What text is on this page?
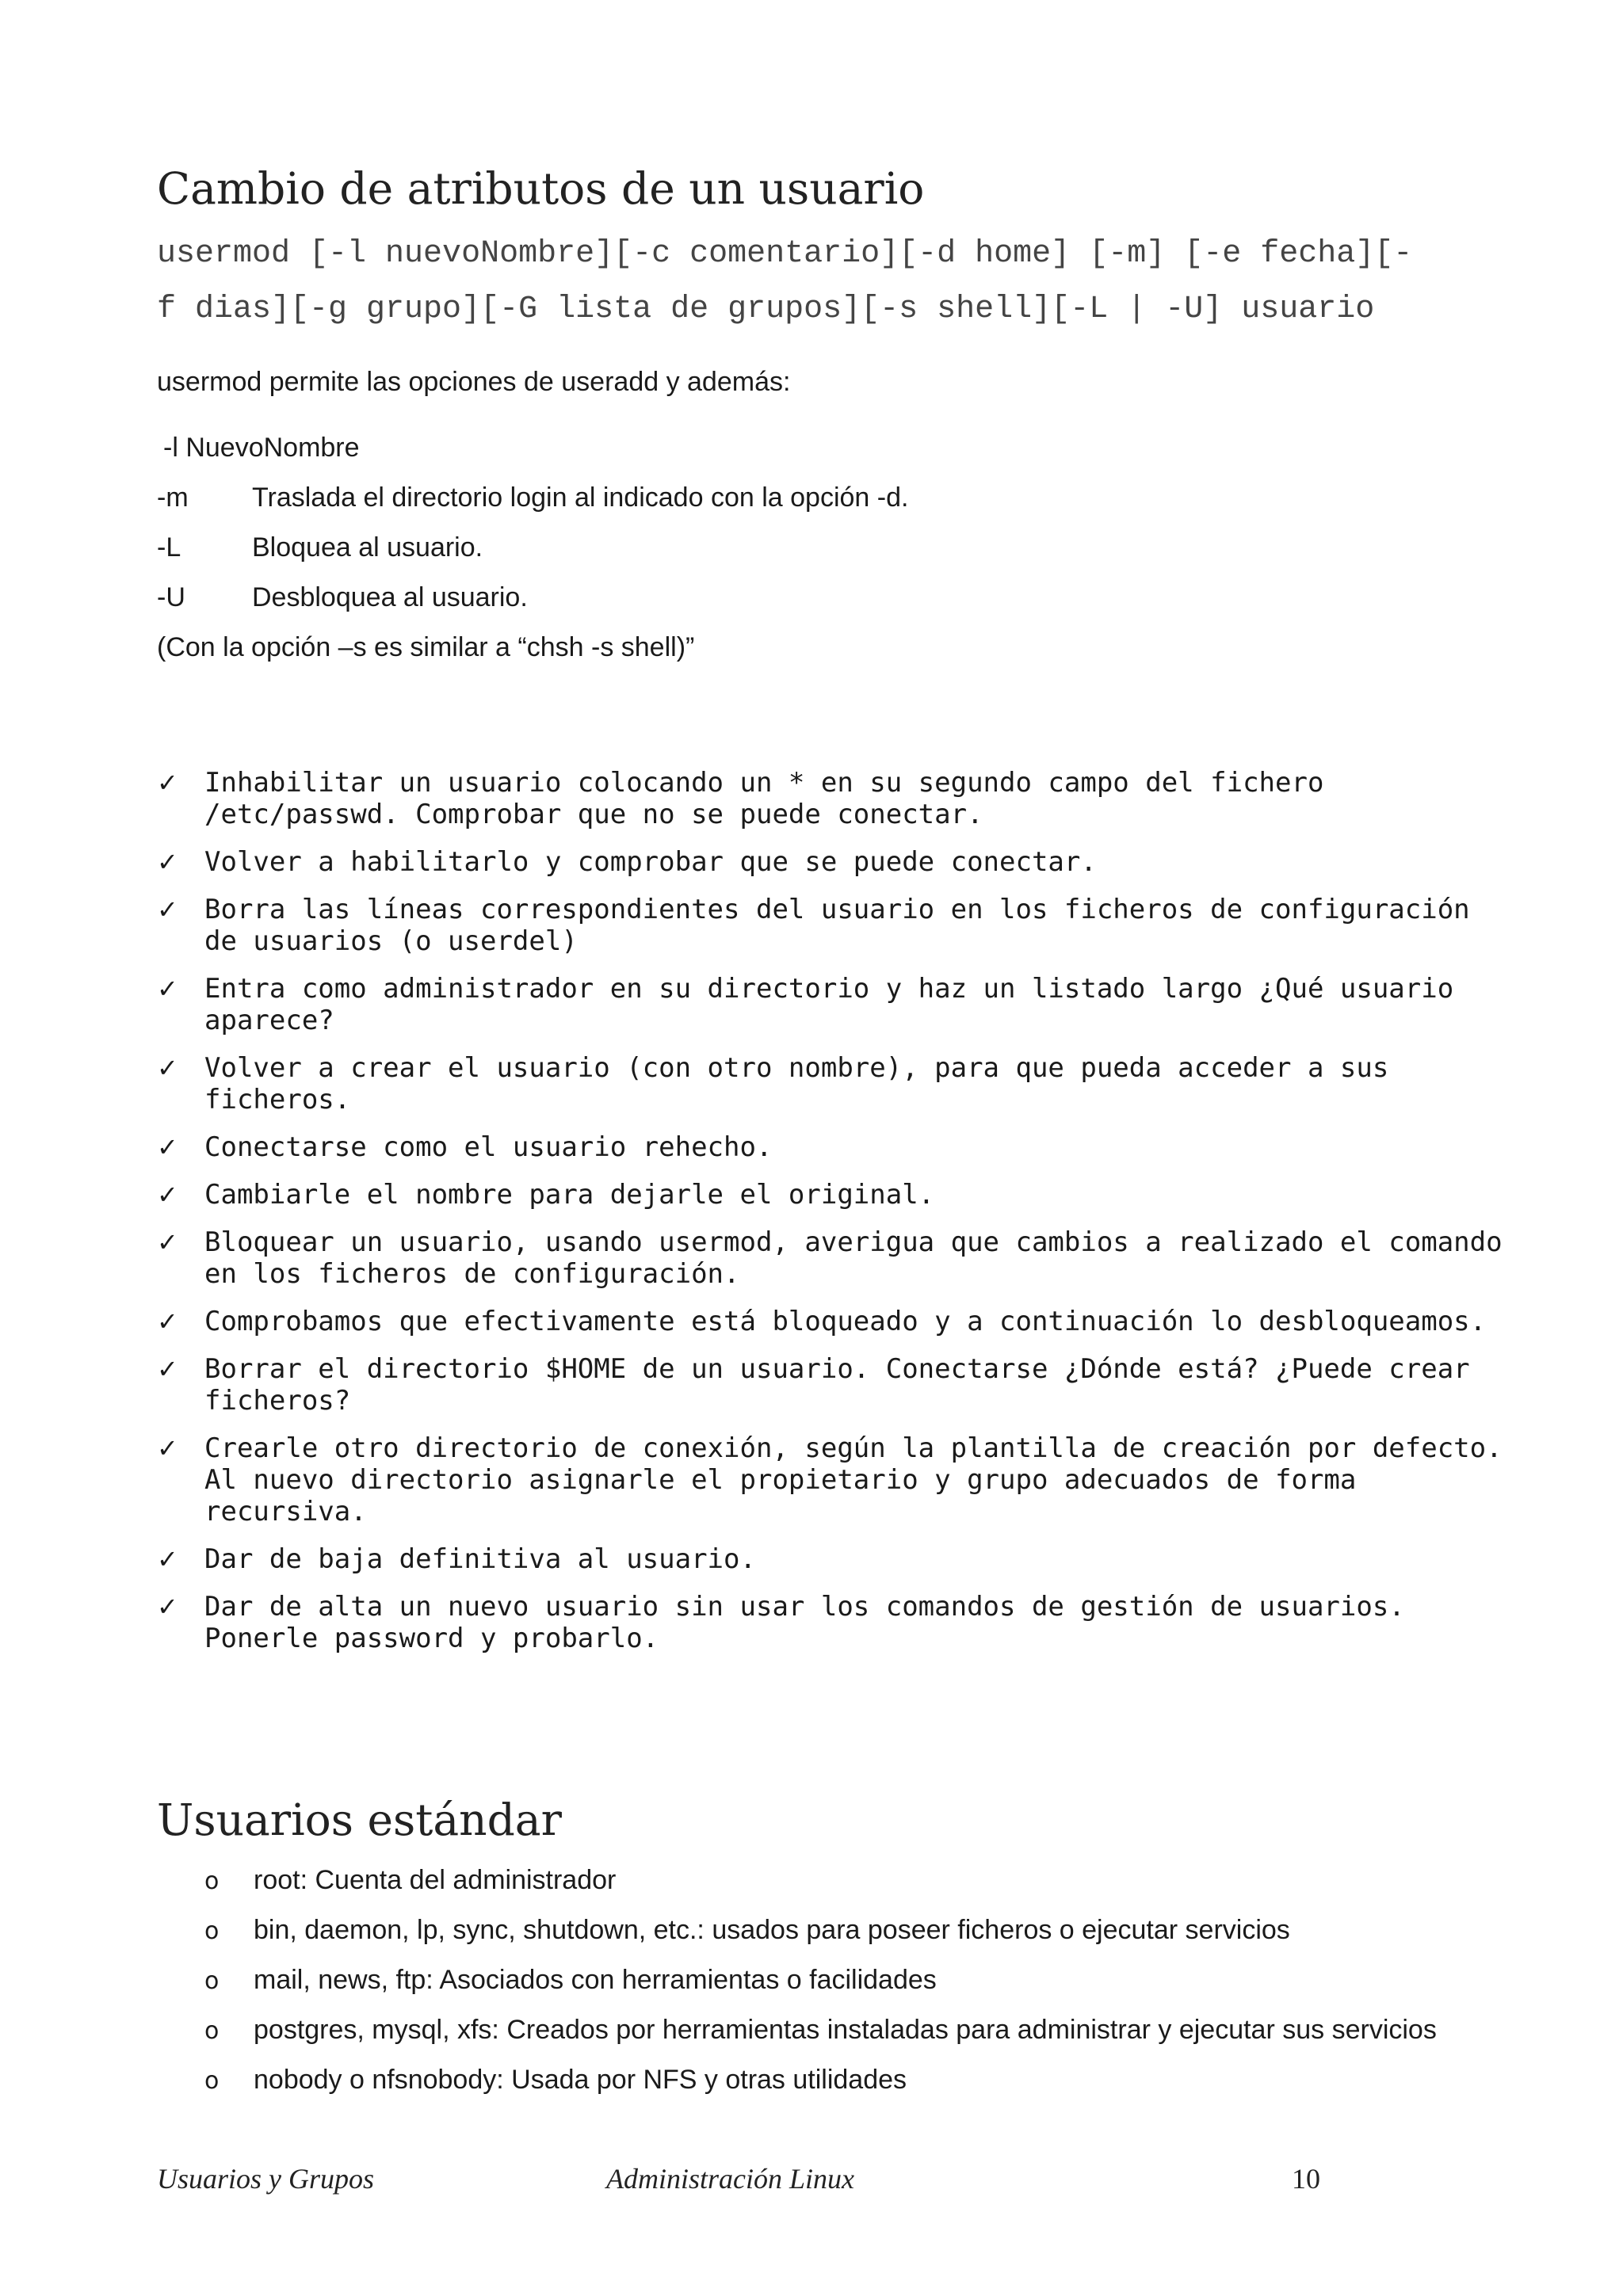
Cambio de atributos de un usuario
usermod [-l nuevoNombre][-c comentario][-d home] [-m] [-e fecha][-
f dias][-g grupo][-G lista de grupos][-s shell][-L | -U] usuario

usermod permite las opciones de useradd y además:

-l NuevoNombre

-m Traslada el directorio login al indicado con la opción -d.
-L	Bloquea al usuario.
-U Desbloquea al usuario.

(Con la opción –s es similar a “chsh -s shell)”

✓ Inhabilitar un usuario colocando un * en su segundo campo del fichero /etc/passwd. Comprobar que no se puede conectar.
✓ Volver a habilitarlo y comprobar que se puede conectar.
✓ Borra las líneas correspondientes del usuario en los ficheros de configuración de usuarios (o userdel)
✓ Entra como administrador en su directorio y haz un listado largo ¿Qué usuario aparece?
✓ Volver a crear el usuario (con otro nombre), para que pueda acceder a sus ficheros.
✓ Conectarse como el usuario rehecho.
✓ Cambiarle el nombre para dejarle el original.
✓ Bloquear un usuario, usando usermod, averigua que cambios a realizado el comando en los ficheros de configuración.
✓ Comprobamos que efectivamente está bloqueado y a continuación lo desbloqueamos.
✓ Borrar el directorio $HOME de un usuario. Conectarse ¿Dónde está? ¿Puede crear ficheros?
✓ Crearle otro directorio de conexión, según la plantilla de creación por defecto. Al nuevo directorio asignarle el propietario y grupo adecuados de forma recursiva.
✓ Dar de baja definitiva al usuario.
✓ Dar de alta un nuevo usuario sin usar los comandos de gestión de usuarios. Ponerle password y probarlo.
Usuarios estándar
o root: Cuenta del administrador
o bin, daemon, lp, sync, shutdown, etc.: usados para poseer ficheros o ejecutar servicios
o mail, news, ftp: Asociados con herramientas o facilidades
o postgres, mysql, xfs: Creados por herramientas instaladas para administrar y ejecutar sus servicios
o nobody o nfsnobody: Usada por NFS y otras utilidades
Usuarios y Grupos	Administración Linux	10
